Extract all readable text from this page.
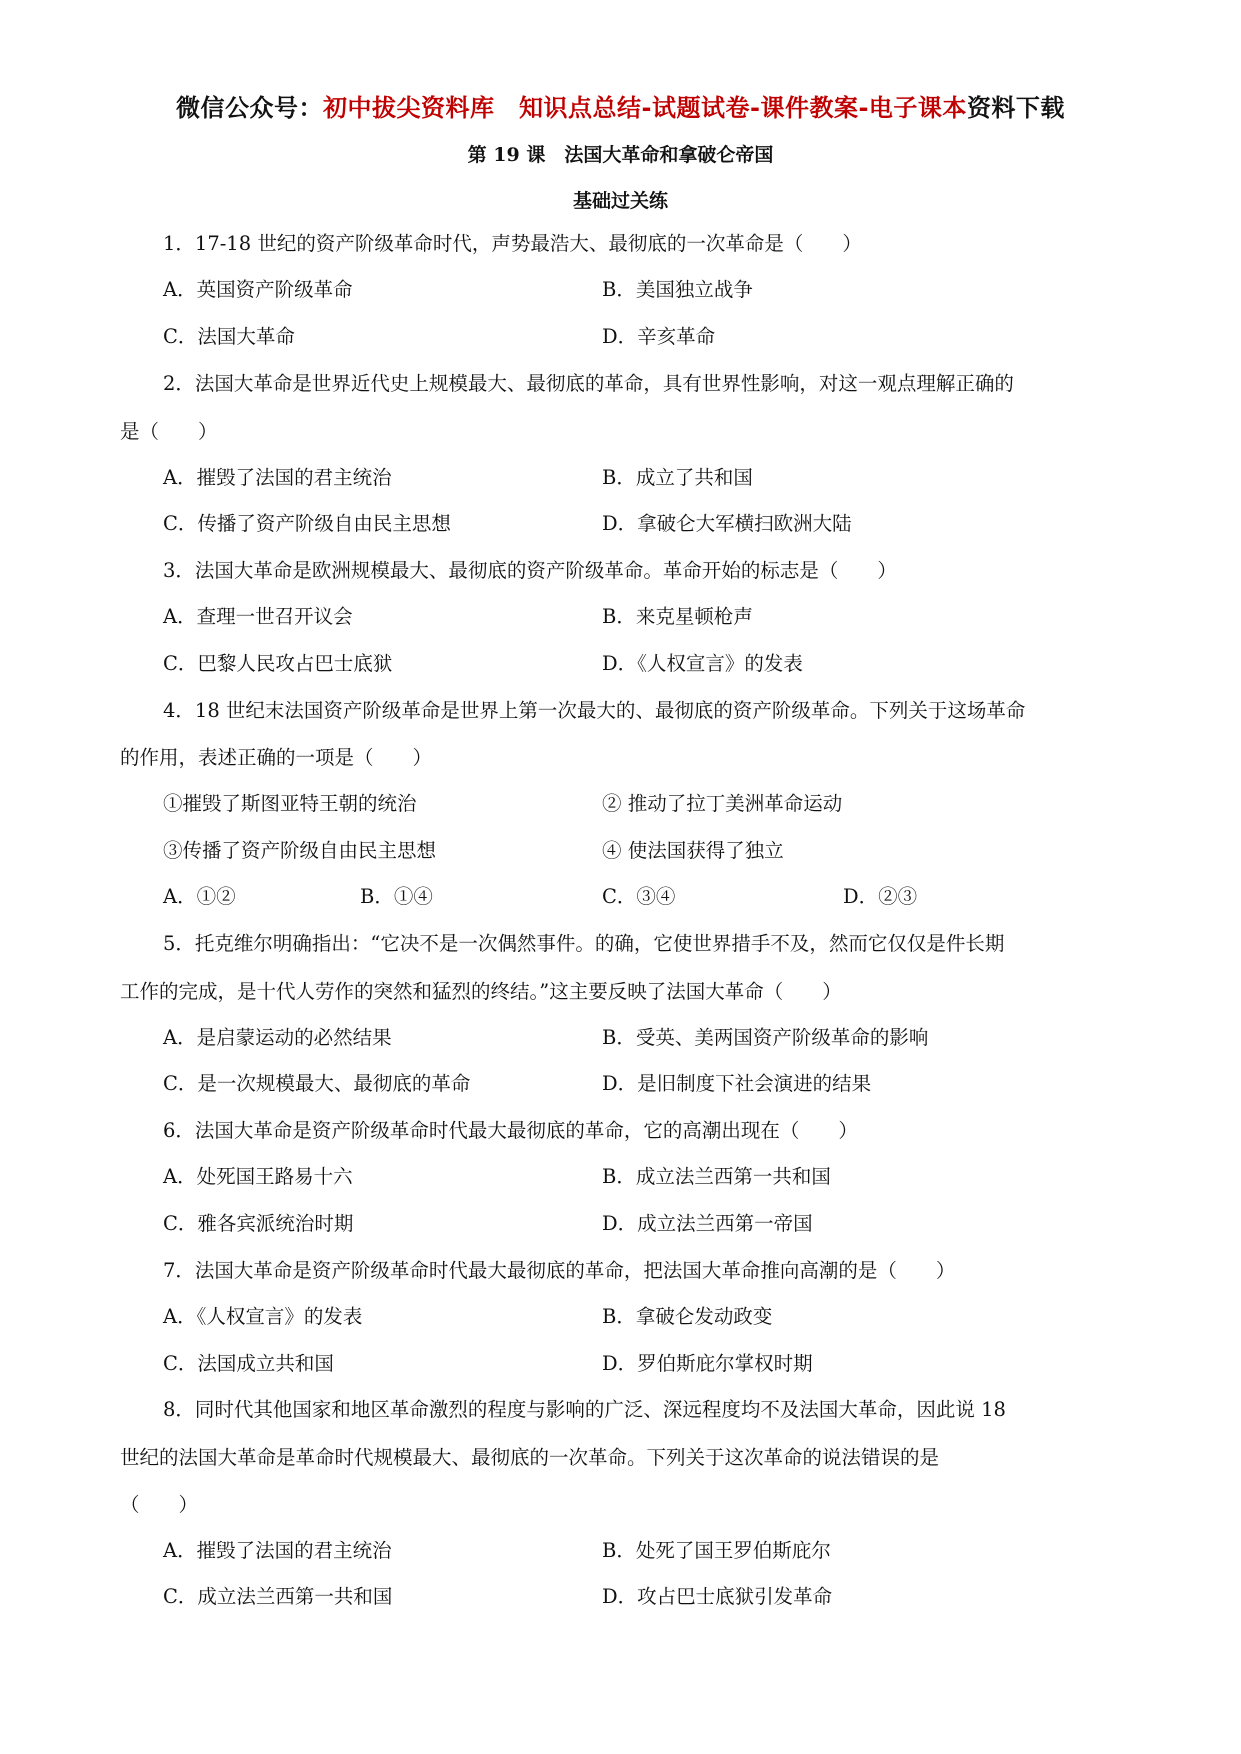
微信公众号：初中拔尖资料库　知识点总结-试题试卷-课件教案-电子课本资料下载
第 19 课　法国大革命和拿破仑帝国
基础过关练
1．17-18 世纪的资产阶级革命时代，声势最浩大、最彻底的一次革命是（　　）
A．英国资产阶级革命	B．美国独立战争
C．法国大革命	D．辛亥革命
2．法国大革命是世界近代史上规模最大、最彻底的革命，具有世界性影响，对这一观点理解正确的
是（　　）
A．摧毁了法国的君主统治	B．成立了共和国
C．传播了资产阶级自由民主思想	D．拿破仑大军横扫欧洲大陆
3．法国大革命是欧洲规模最大、最彻底的资产阶级革命。革命开始的标志是（　　）
A．查理一世召开议会	B．来克星顿枪声
C．巴黎人民攻占巴士底狱	D．《人权宣言》的发表
4．18 世纪末法国资产阶级革命是世界上第一次最大的、最彻底的资产阶级革命。下列关于这场革命
的作用，表述正确的一项是（　　）
①摧毁了斯图亚特王朝的统治	② 推动了拉丁美洲革命运动
③传播了资产阶级自由民主思想	④ 使法国获得了独立
A．①②	B．①④	C．③④	D．②③
5．托克维尔明确指出：“它决不是一次偶然事件。的确，它使世界措手不及，然而它仅仅是件长期
工作的完成，是十代人劳作的突然和猛烈的终结。”这主要反映了法国大革命（　　）
A．是启蒙运动的必然结果	B．受英、美两国资产阶级革命的影响
C．是一次规模最大、最彻底的革命	D．是旧制度下社会演进的结果
6．法国大革命是资产阶级革命时代最大最彻底的革命，它的高潮出现在（　　）
A．处死国王路易十六	B．成立法兰西第一共和国
C．雅各宾派统治时期	D．成立法兰西第一帝国
7．法国大革命是资产阶级革命时代最大最彻底的革命，把法国大革命推向高潮的是（　　）
A．《人权宣言》的发表	B．拿破仑发动政变
C．法国成立共和国	D．罗伯斯庇尔掌权时期
8．同时代其他国家和地区革命激烈的程度与影响的广泛、深远程度均不及法国大革命，因此说 18
世纪的法国大革命是革命时代规模最大、最彻底的一次革命。下列关于这次革命的说法错误的是
（　　）
A．摧毁了法国的君主统治	B．处死了国王罗伯斯庇尔
C．成立法兰西第一共和国	D．攻占巴士底狱引发革命
